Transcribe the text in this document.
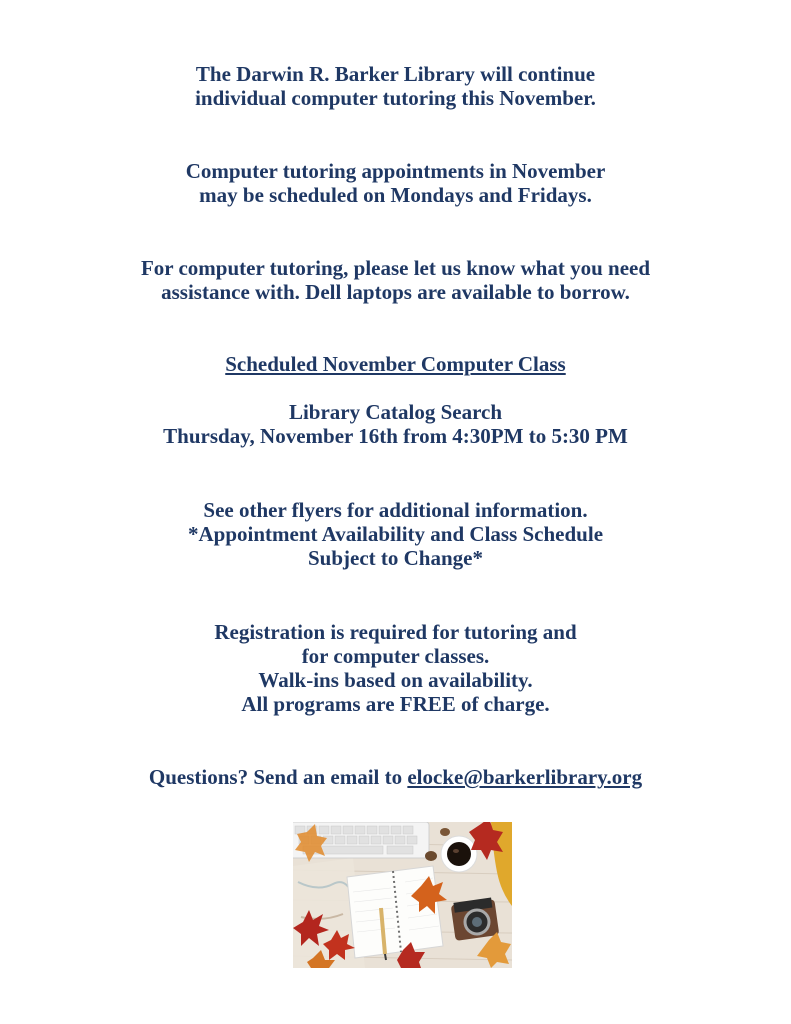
The Darwin R. Barker Library will continue
individual computer tutoring this November.
Computer tutoring appointments in November
may be scheduled on Mondays and Fridays.
For computer tutoring, please let us know what you need
assistance with. Dell laptops are available to borrow.
Scheduled November Computer Class
Library Catalog Search
Thursday, November 16th from 4:30PM to 5:30 PM
See other flyers for additional information.
*Appointment Availability and Class Schedule
Subject to Change*
Registration is required for tutoring and
for computer classes.
Walk-ins based on availability.
All programs are FREE of charge.
Questions? Send an email to elocke@barkerlibrary.org
